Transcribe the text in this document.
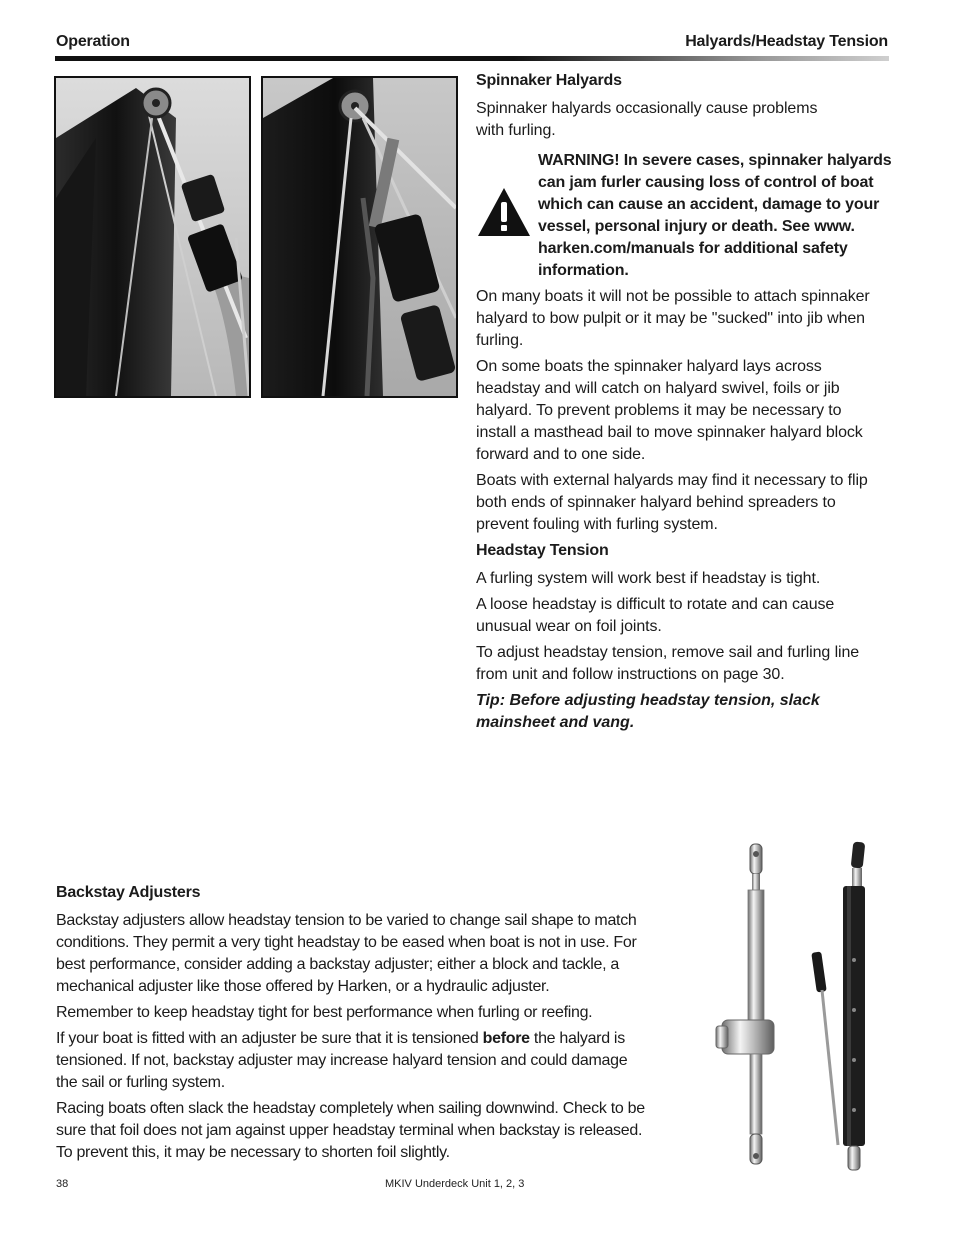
Operation	Halyards/Headstay Tension

Spinnaker Halyards

Spinnaker halyards occasionally cause problems with furling.

WARNING! In severe cases, spinnaker halyards can jam furler causing loss of control of boat which can cause an accident, damage to your vessel, personal injury or death. See www. harken.com/manuals for additional safety information.

On many boats it will not be possible to attach spinnaker halyard to bow pulpit or it may be "sucked" into jib when furling.

On some boats the spinnaker halyard lays across headstay and will catch on halyard swivel, foils or jib halyard. To prevent problems it may be necessary to install a masthead bail to move spinnaker halyard block forward and to one side.

Boats with external halyards may find it necessary to flip both ends of spinnaker halyard behind spreaders to prevent fouling with furling system.

Headstay Tension

A furling system will work best if headstay is tight.

A loose headstay is difficult to rotate and can cause unusual wear on foil joints.

To adjust headstay tension, remove sail and furling line from unit and follow instructions on page 30.

Tip: Before adjusting headstay tension, slack mainsheet and vang.

Backstay Adjusters

Backstay adjusters allow headstay tension to be varied to change sail shape to match conditions. They permit a very tight headstay to be eased when boat is not in use. For best performance, consider adding a backstay adjuster; either a block and tackle, a mechanical adjuster like those offered by Harken, or a hydraulic adjuster.

Remember to keep headstay tight for best performance when furling or reefing.

If your boat is fitted with an adjuster be sure that it is tensioned before the halyard is tensioned. If not, backstay adjuster may increase halyard tension and could damage the sail or furling system.

Racing boats often slack the headstay completely when sailing downwind. Check to be sure that foil does not jam against upper headstay terminal when backstay is released. To prevent this, it may be necessary to shorten foil slightly.

38	MKIV Underdeck Unit 1, 2, 3
